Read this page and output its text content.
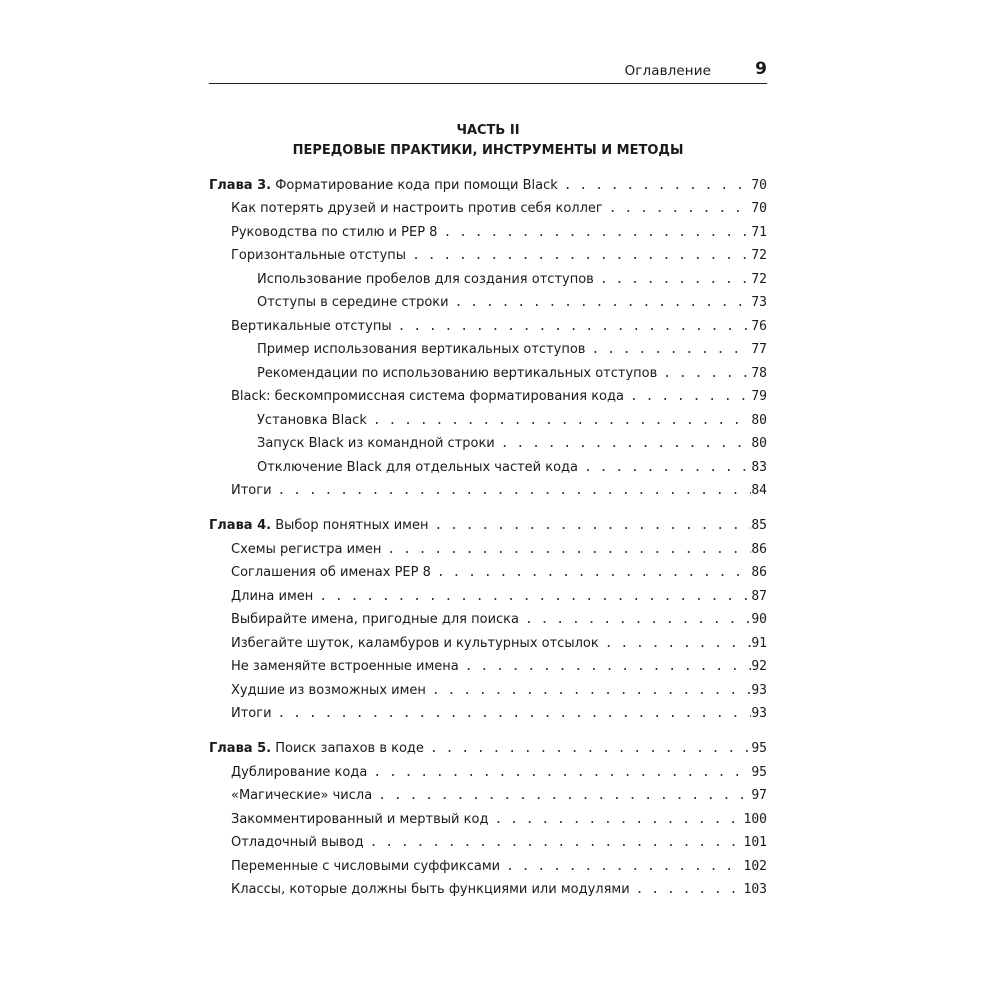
Оглавление	9
ЧАСТЬ II
ПЕРЕДОВЫЕ ПРАКТИКИ, ИНСТРУМЕНТЫ И МЕТОДЫ
Глава 3. Форматирование кода при помощи Black . . .	70
Как потерять друзей и настроить против себя коллег . . .	70
Руководства по стилю и PEP 8 . . .	71
Горизонтальные отступы . . .	72
Использование пробелов для создания отступов . . .	72
Отступы в середине строки . . .	73
Вертикальные отступы . . .	76
Пример использования вертикальных отступов . . .	77
Рекомендации по использованию вертикальных отступов . . .	78
Black: бескомпромиссная система форматирования кода . . .	79
Установка Black . . .	80
Запуск Black из командной строки . . .	80
Отключение Black для отдельных частей кода . . .	83
Итоги . . .	84
Глава 4. Выбор понятных имен . . .	85
Схемы регистра имен . . .	86
Соглашения об именах PEP 8 . . .	86
Длина имен . . .	87
Выбирайте имена, пригодные для поиска . . .	90
Избегайте шуток, каламбуров и культурных отсылок . . .	91
Не заменяйте встроенные имена . . .	92
Худшие из возможных имен . . .	93
Итоги . . .	93
Глава 5. Поиск запахов в коде . . .	95
Дублирование кода . . .	95
«Магические» числа . . .	97
Закомментированный и мертвый код . . .	100
Отладочный вывод . . .	101
Переменные с числовыми суффиксами . . .	102
Классы, которые должны быть функциями или модулями . . .	103
